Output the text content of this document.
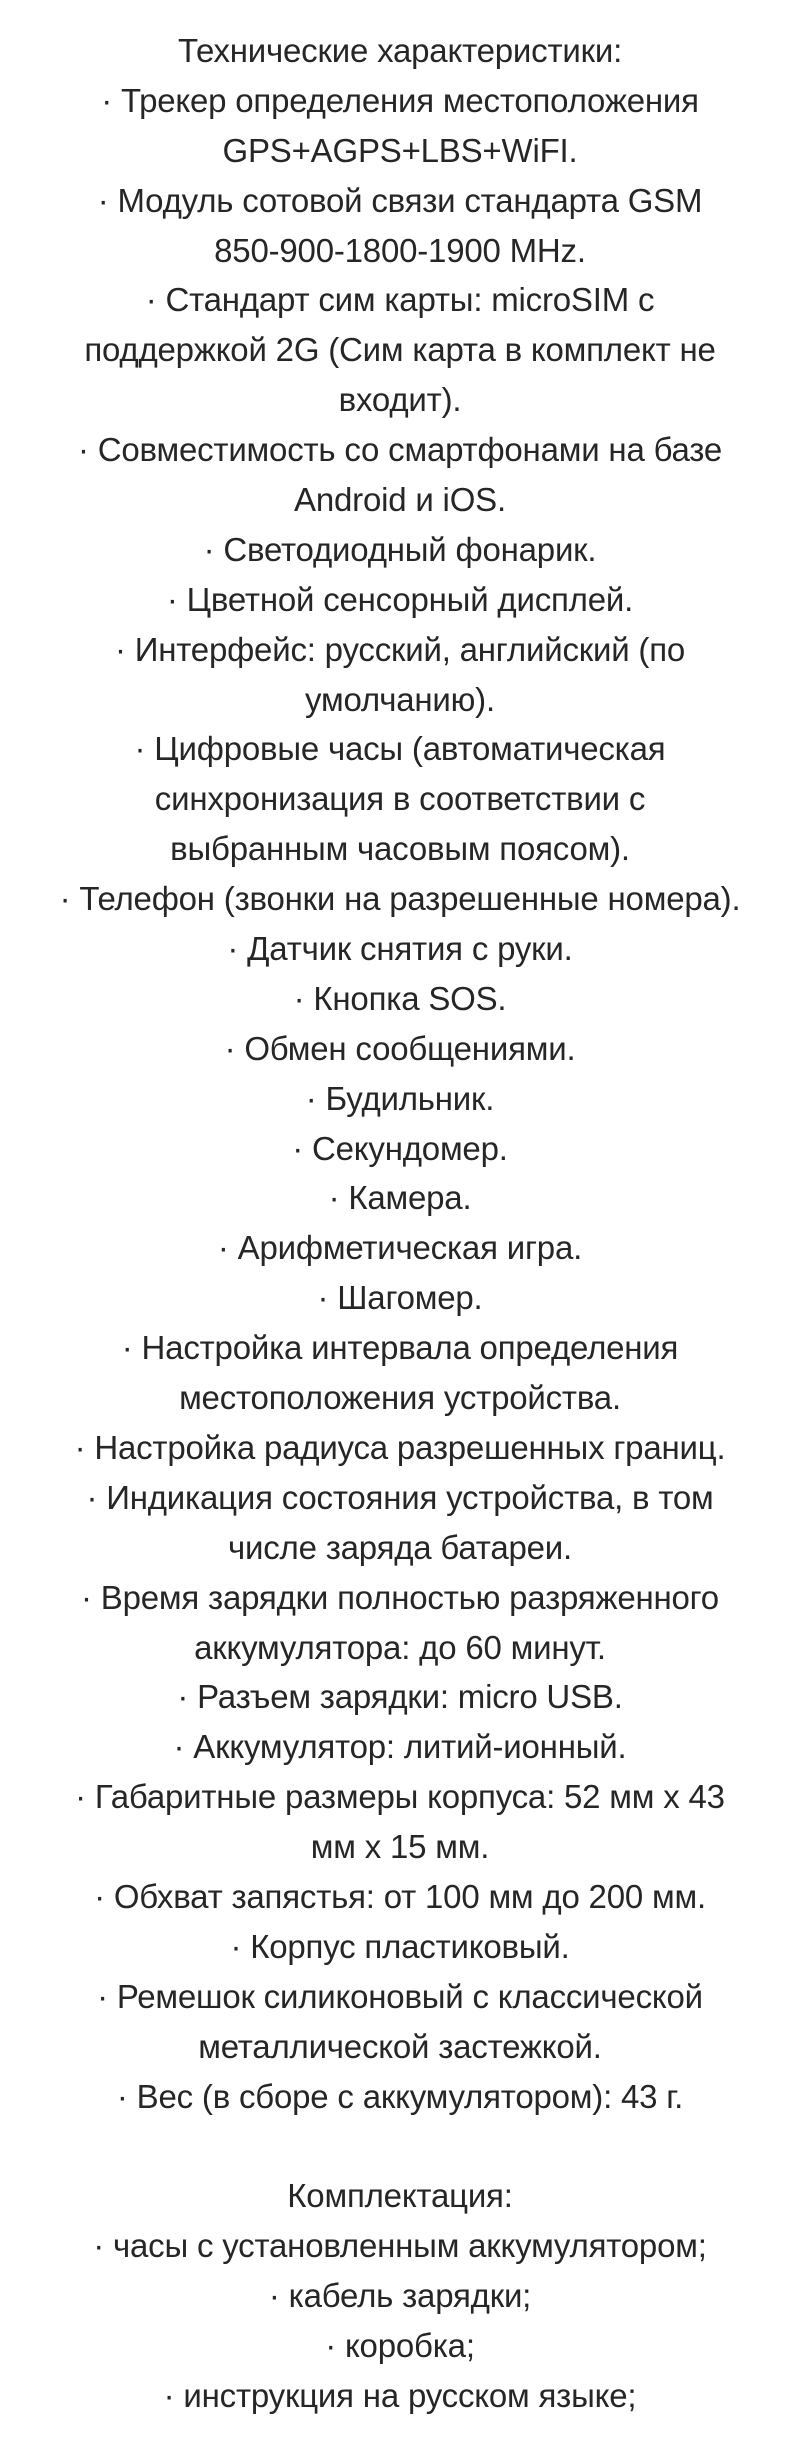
Технические характеристики:
· Трекер определения местоположения
GPS+AGPS+LBS+WiFI.
· Модуль сотовой связи стандарта GSM
850-900-1800-1900 MHz.
· Стандарт сим карты: microSIM с
поддержкой 2G (Сим карта в комплект не
входит).
· Совместимость со смартфонами на базе
Android и iOS.
· Светодиодный фонарик.
· Цветной сенсорный дисплей.
· Интерфейс: русский, английский (по
умолчанию).
· Цифровые часы (автоматическая
синхронизация в соответствии с
выбранным часовым поясом).
· Телефон (звонки на разрешенные номера).
· Датчик снятия с руки.
· Кнопка SOS.
· Обмен сообщениями.
· Будильник.
· Секундомер.
· Камера.
· Арифметическая игра.
· Шагомер.
· Настройка интервала определения
местоположения устройства.
· Настройка радиуса разрешенных границ.
· Индикация состояния устройства, в том
числе заряда батареи.
· Время зарядки полностью разряженного
аккумулятора: до 60 минут.
· Разъем зарядки: micro USB.
· Аккумулятор: литий-ионный.
· Габаритные размеры корпуса: 52 мм х 43
мм х 15 мм.
· Обхват запястья: от 100 мм до 200 мм.
· Корпус пластиковый.
· Ремешок силиконовый с классической
металлической застежкой.
· Вес (в сборе с аккумулятором): 43 г.
Комплектация:
· часы с установленным аккумулятором;
· кабель зарядки;
· коробка;
· инструкция на русском языке;
